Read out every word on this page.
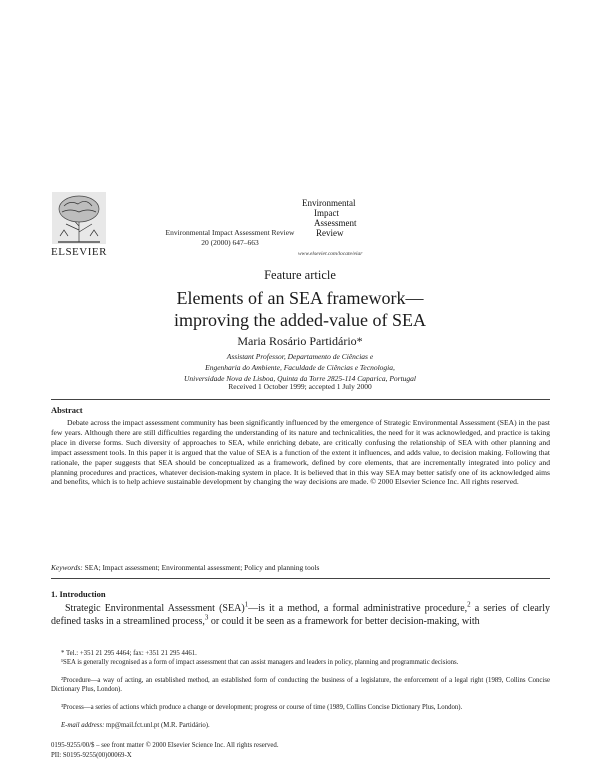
ELSEVIER
Environmental Impact Assessment Review
20 (2000) 647–663
Environmental
Impact
Assessment
Review
www.elsevier.com/locate/eiar
Feature article
Elements of an SEA framework—
improving the added-value of SEA
Maria Rosário Partidário*
Assistant Professor, Departamento de Ciências e
Engenharia do Ambiente, Faculdade de Ciências e Tecnologia,
Universidade Nova de Lisboa, Quinta da Torre 2825-114 Caparica, Portugal
Received 1 October 1999; accepted 1 July 2000
Abstract
Debate across the impact assessment community has been significantly influenced by the emergence of Strategic Environmental Assessment (SEA) in the past few years. Although there are still difficulties regarding the understanding of its nature and technicalities, the need for it was acknowledged, and practice is taking place in diverse forms. Such diversity of approaches to SEA, while enriching debate, are critically confusing the relationship of SEA with other planning and impact assessment tools. In this paper it is argued that the value of SEA is a function of the extent it influences, and adds value, to decision making. Following that rationale, the paper suggests that SEA should be conceptualized as a framework, defined by core elements, that are incrementally integrated into policy and planning procedures and practices, whatever decision-making system in place. It is believed that in this way SEA may better satisfy one of its acknowledged aims and benefits, which is to help achieve sustainable development by changing the way decisions are made. © 2000 Elsevier Science Inc. All rights reserved.
Keywords: SEA; Impact assessment; Environmental assessment; Policy and planning tools
1. Introduction
Strategic Environmental Assessment (SEA)$^1$—is it a method, a formal administrative procedure,$^2$ a series of clearly defined tasks in a streamlined process,$^3$ or could it be seen as a framework for better decision-making, with
* Tel.: +351 21 295 4464; fax: +351 21 295 4461.
¹SEA is generally recognised as a form of impact assessment that can assist managers and leaders in policy, planning and programmatic decisions.
²Procedure—a way of acting, an established method, an established form of conducting the business of a legislature, the enforcement of a legal right (1989, Collins Concise Dictionary Plus, London).
³Process—a series of actions which produce a change or development; progress or course of time (1989, Collins Concise Dictionary Plus, London).
E-mail address: mp@mail.fct.unl.pt (M.R. Partidário).
0195-9255/00/$ – see front matter © 2000 Elsevier Science Inc. All rights reserved.
PII: S0195-9255(00)00069-X
